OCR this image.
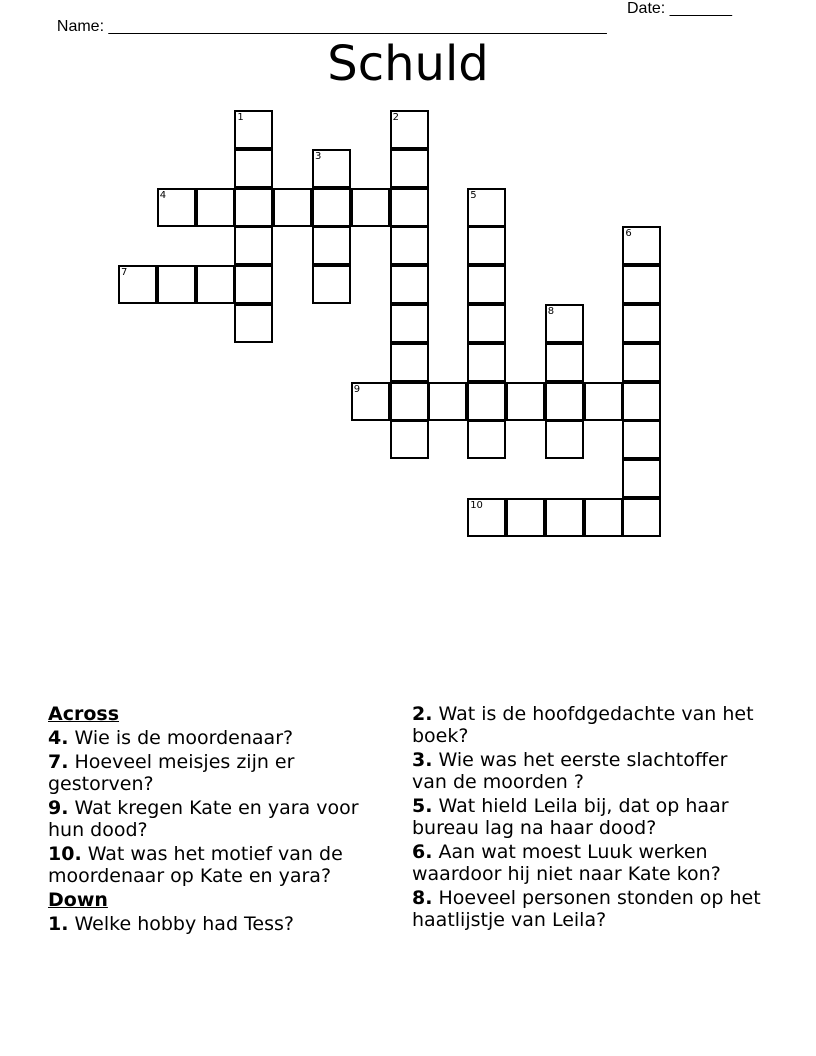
Name: ________________________________________________________

Date: _______

Schuld
1	2
3
4	5
6
7
8
9
10
Across
4. Wie is de moordenaar?
7. Hoeveel meisjes zijn er gestorven?
9. Wat kregen Kate en yara voor hun dood?
10. Wat was het motief van de moordenaar op Kate en yara?
Down
1. Welke hobby had Tess?
2. Wat is de hoofdgedachte van het boek?
3. Wie was het eerste slachtoffer van de moorden ?
5. Wat hield Leila bij, dat op haar bureau lag na haar dood?
6. Aan wat moest Luuk werken waardoor hij niet naar Kate kon?
8. Hoeveel personen stonden op het haatlijstje van Leila?
